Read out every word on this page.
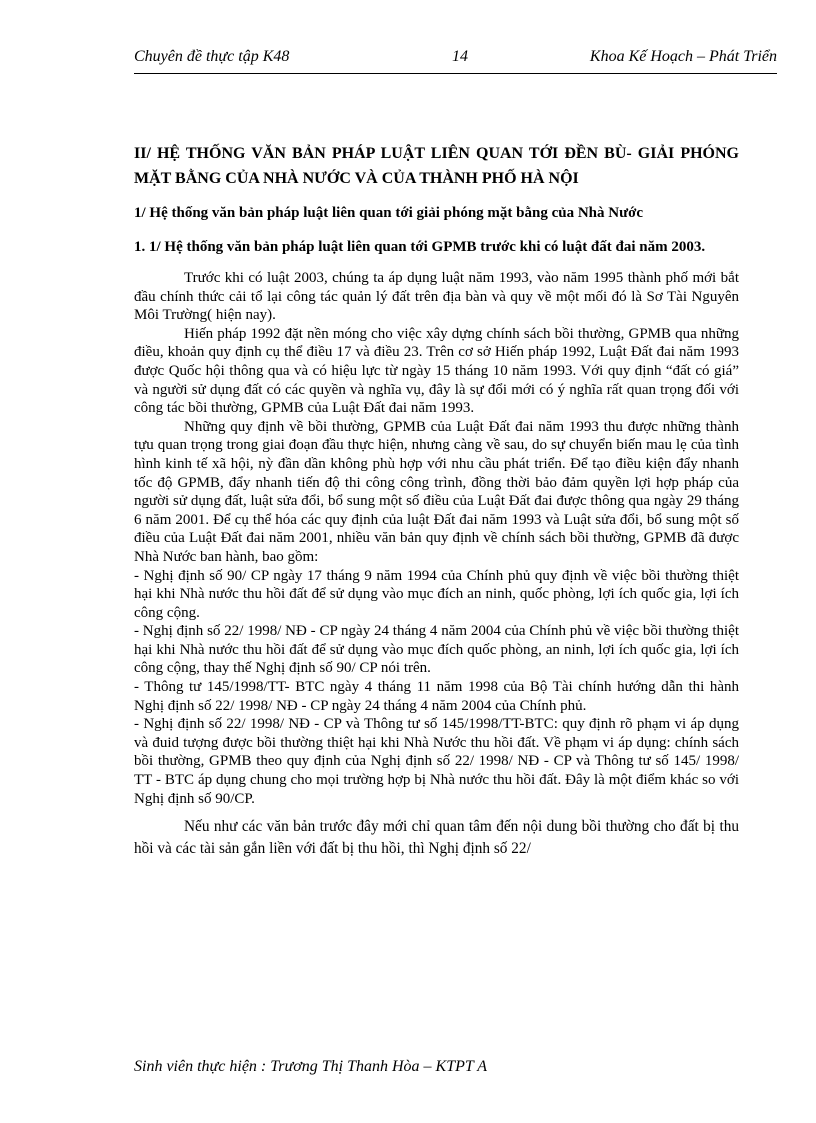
Chuyên đề thực tập K48	14	Khoa Kế Hoạch – Phát Triển
II/ HỆ THỐNG VĂN BẢN PHÁP LUẬT LIÊN QUAN TỚI ĐỀN BÙ- GIẢI PHÓNG MẶT BẰNG CỦA NHÀ NƯỚC VÀ CỦA THÀNH PHỐ HÀ NỘI
1/ Hệ thống văn bản pháp luật liên quan tới giải phóng mặt bằng của Nhà Nước
1. 1/ Hệ thống văn bản pháp luật liên quan tới GPMB trước khi có luật đất đai năm 2003.

Trước khi có luật 2003, chúng ta áp dụng luật năm 1993, vào năm 1995 thành phố mới bắt đầu chính thức cải tổ lại công tác quản lý đất trên địa bàn và quy về một mối đó là Sơ Tài Nguyên Môi Trường( hiện nay).

Hiến pháp 1992 đặt nền móng cho việc xây dựng chính sách bồi thường, GPMB qua những điều, khoản quy định cụ thể điều 17 và điều 23. Trên cơ sở Hiến pháp 1992, Luật Đất đai năm 1993 được Quốc hội thông qua và có hiệu lực từ ngày 15 tháng 10 năm 1993. Với quy định “đất có giá” và người sử dụng đất có các quyền và nghĩa vụ, đây là sự đổi mới có ý nghĩa rất quan trọng đối với công tác bồi thường, GPMB của Luật Đất đai năm 1993.

Những quy định về bồi thường, GPMB của Luật Đất đai năm 1993 thu được những thành tựu quan trọng trong giai đoạn đầu thực hiện, nhưng càng về sau, do sự chuyển biến mau lẹ của tình hình kinh tế xã hội, nỳ đần dần không phù hợp với nhu cầu phát triển. Để tạo điều kiện đẩy nhanh tốc độ GPMB, đẩy nhanh tiến độ thi công công trình, đồng thời bảo đảm quyền lợi hợp pháp của người sử dụng đất, luật sửa đổi, bổ sung một số điều của Luật Đất đai được thông qua ngày 29 tháng 6 năm 2001. Để cụ thể hóa các quy định của luật Đất đai năm 1993 và Luật sửa đổi, bổ sung một số điều của Luật Đất đai năm 2001, nhiều văn bản quy định về chính sách bồi thường, GPMB đã được Nhà Nước ban hành, bao gồm:

- Nghị định số 90/ CP ngày 17 tháng 9 năm 1994 của Chính phủ quy định về việc bồi thường thiệt hại khi Nhà nước thu hồi đất để sử dụng vào mục đích an ninh, quốc phòng, lợi ích quốc gia, lợi ích công cộng.

- Nghị định số 22/ 1998/ NĐ - CP ngày 24 tháng 4 năm 2004 của Chính phủ về việc bồi thường thiệt hại khi Nhà nước thu hồi đất để sử dụng vào mục đích quốc phòng, an ninh, lợi ích quốc gia, lợi ích công cộng, thay thế Nghị định số 90/ CP nói trên.

- Thông tư 145/1998/TT- BTC ngày 4 tháng 11 năm 1998 của Bộ Tài chính hướng dẫn thi hành Nghị định số 22/ 1998/ NĐ - CP ngày 24 tháng 4 năm 2004 của Chính phủ.

- Nghị định số 22/ 1998/ NĐ - CP và Thông tư số 145/1998/TT-BTC: quy định rõ phạm vi áp dụng và đuid tượng được bồi thường thiệt hại khi Nhà Nước thu hồi đất. Về phạm vi áp dụng: chính sách bồi thường, GPMB theo quy định của Nghị định số 22/ 1998/ NĐ - CP và Thông tư số 145/ 1998/ TT - BTC áp dụng chung cho mọi trường hợp bị Nhà nước thu hồi đất. Đây là một điểm khác so với Nghị định số 90/CP.

Nếu như các văn bản trước đây mới chỉ quan tâm đến nội dung bồi thường cho đất bị thu hồi và các tài sản gắn liền với đất bị thu hồi, thì Nghị định số 22/

Sinh viên thực hiện : Trương Thị Thanh Hòa – KTPT A
